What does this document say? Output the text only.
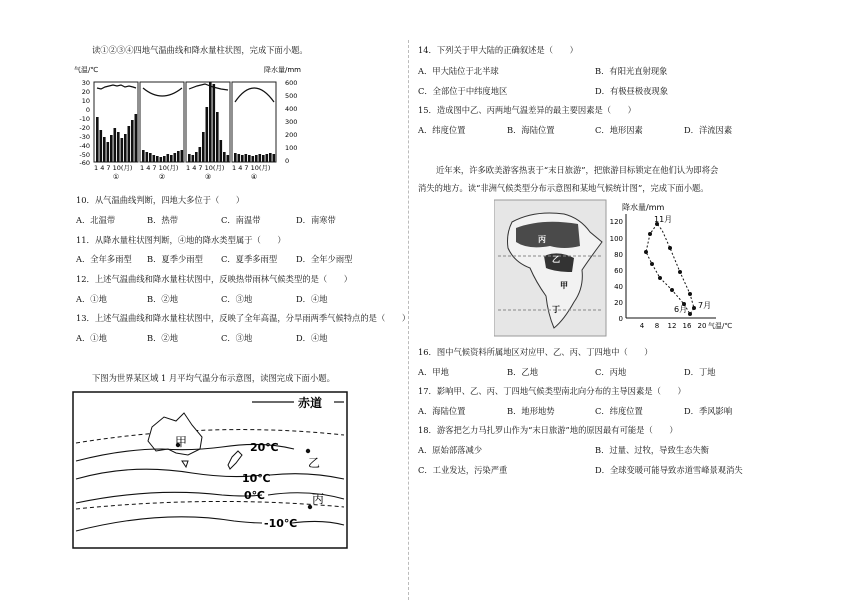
读①②③④四地气温曲线和降水量柱状图，完成下面小题。
气温/℃	降水量/mm
30
20
10
0
-10
-20
-30
-40
-50
-60
600
500
400
300
200
100
0
1 4 7 10(月) 1 4 7 10(月) 1 4 7 10(月) 1 4 7 10(月)
①	②	③	④
10．从气温曲线判断，四地大多位于（　　）
A．北温带	B．热带	C．南温带	D．南寒带
11．从降水量柱状图判断，④地的降水类型属于（　　）
A．全年多雨型 B．夏季少雨型 C．夏季多雨型 D．全年少雨型
12．上述气温曲线和降水量柱状图中，反映热带雨林气候类型的是（　　）
A．①地	B．②地	C．③地	D．④地
13．上述气温曲线和降水量柱状图中，反映了全年高温，分旱雨两季气候特点的是（　　）
A．①地	B．②地	C．③地	D．④地
下图为世界某区域 1 月平均气温分布示意图，读图完成下面小题。
赤道
20℃
10℃
0℃
-10℃
甲
乙
丙
14．下列关于甲大陆的正确叙述是（　　）
A．甲大陆位于北半球	B．有阳光直射现象
C．全部位于中纬度地区	D．有极昼极夜现象
15．造成图中乙、丙两地气温差异的最主要因素是（　　）
A．纬度位置	B．海陆位置	C．地形因素	D．洋流因素
近年来，许多欧美游客热衷于“末日旅游”，把旅游目标锁定在他们认为即将会
消失的地方。读“非洲气候类型分布示意图和某地气候统计图”，完成下面小题。
丙
乙
甲
丁
降水量/mm
120
100
80
60
40
20
0
4 8 12 16 20 气温/℃
11月
6月 7月
16．图中气候资料所属地区对应甲、乙、丙、丁四地中（　　）
A．甲地	B．乙地	C．丙地	D．丁地
17．影响甲、乙、丙、丁四地气候类型南北向分布的主导因素是（　　）
A．海陆位置	B．地形地势	C．纬度位置	D．季风影响
18．游客把乞力马扎罗山作为“末日旅游”地的原因最有可能是（　　）
A．原始部落减少	B．过量、过牧，导致生态失衡
C．工业发达，污染严重	D．全球变暖可能导致赤道雪峰景观消失
